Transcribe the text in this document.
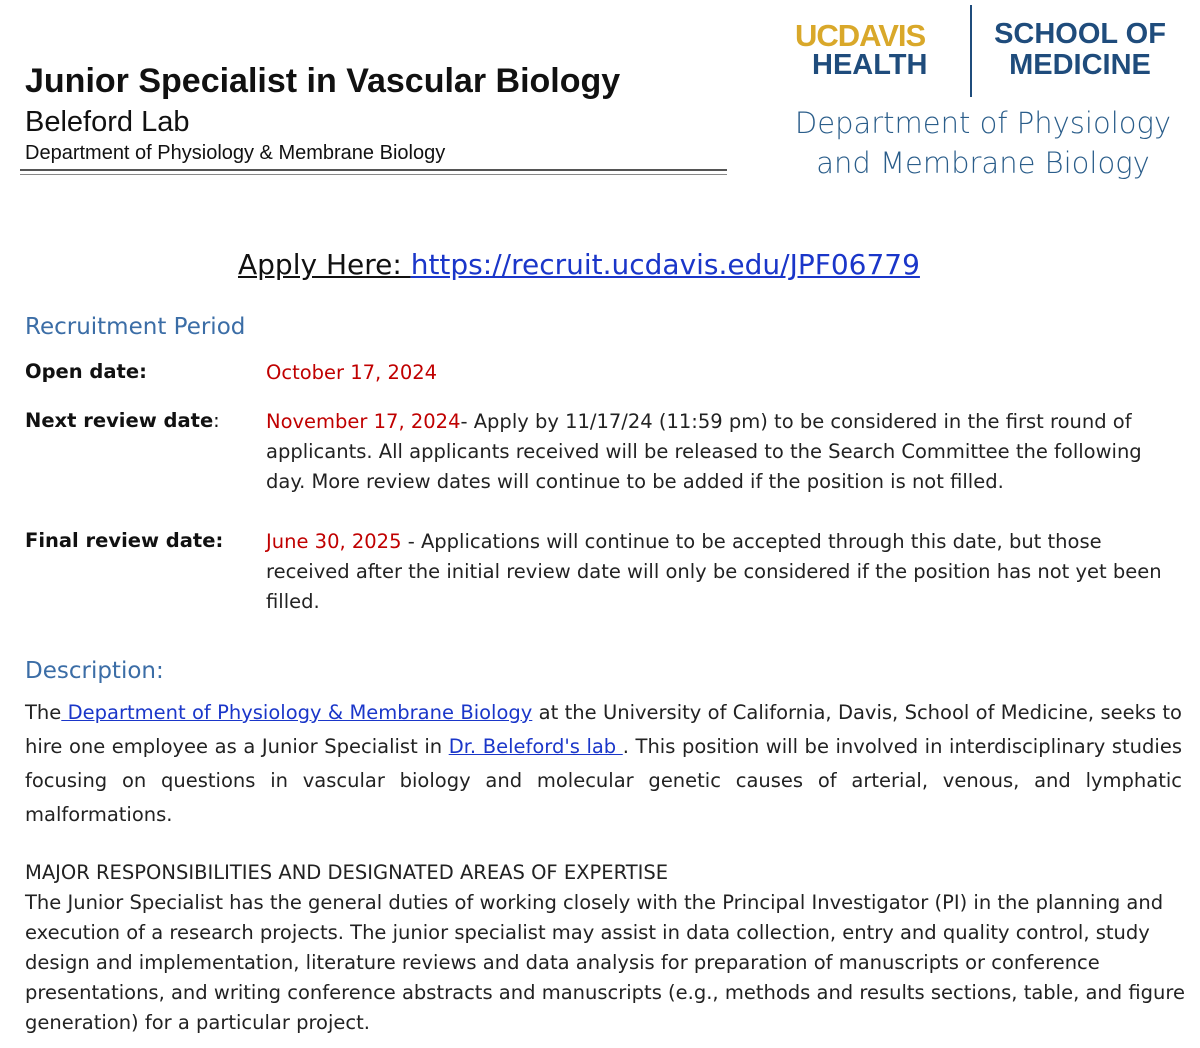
Junior Specialist in Vascular Biology
Beleford Lab
Department of Physiology & Membrane Biology
UCDAVIS
HEALTH
SCHOOL OF MEDICINE
Department of Physiology and Membrane Biology
Apply Here: https://recruit.ucdavis.edu/JPF06779
Recruitment Period
Open date:	October 17, 2024
Next review date: November 17, 2024- Apply by 11/17/24 (11:59 pm) to be considered in the first round of applicants. All applicants received will be released to the Search Committee the following day. More review dates will continue to be added if the position is not filled.
Final review date: June 30, 2025 - Applications will continue to be accepted through this date, but those received after the initial review date will only be considered if the position has not yet been filled.
Description:
The Department of Physiology & Membrane Biology at the University of California, Davis, School of Medicine, seeks to hire one employee as a Junior Specialist in Dr. Beleford's lab . This position will be involved in interdisciplinary studies focusing on questions in vascular biology and molecular genetic causes of arterial, venous, and lymphatic malformations.
MAJOR RESPONSIBILITIES AND DESIGNATED AREAS OF EXPERTISE
The Junior Specialist has the general duties of working closely with the Principal Investigator (PI) in the planning and execution of a research projects. The junior specialist may assist in data collection, entry and quality control, study design and implementation, literature reviews and data analysis for preparation of manuscripts or conference presentations, and writing conference abstracts and manuscripts (e.g., methods and results sections, table, and figure generation) for a particular project.
